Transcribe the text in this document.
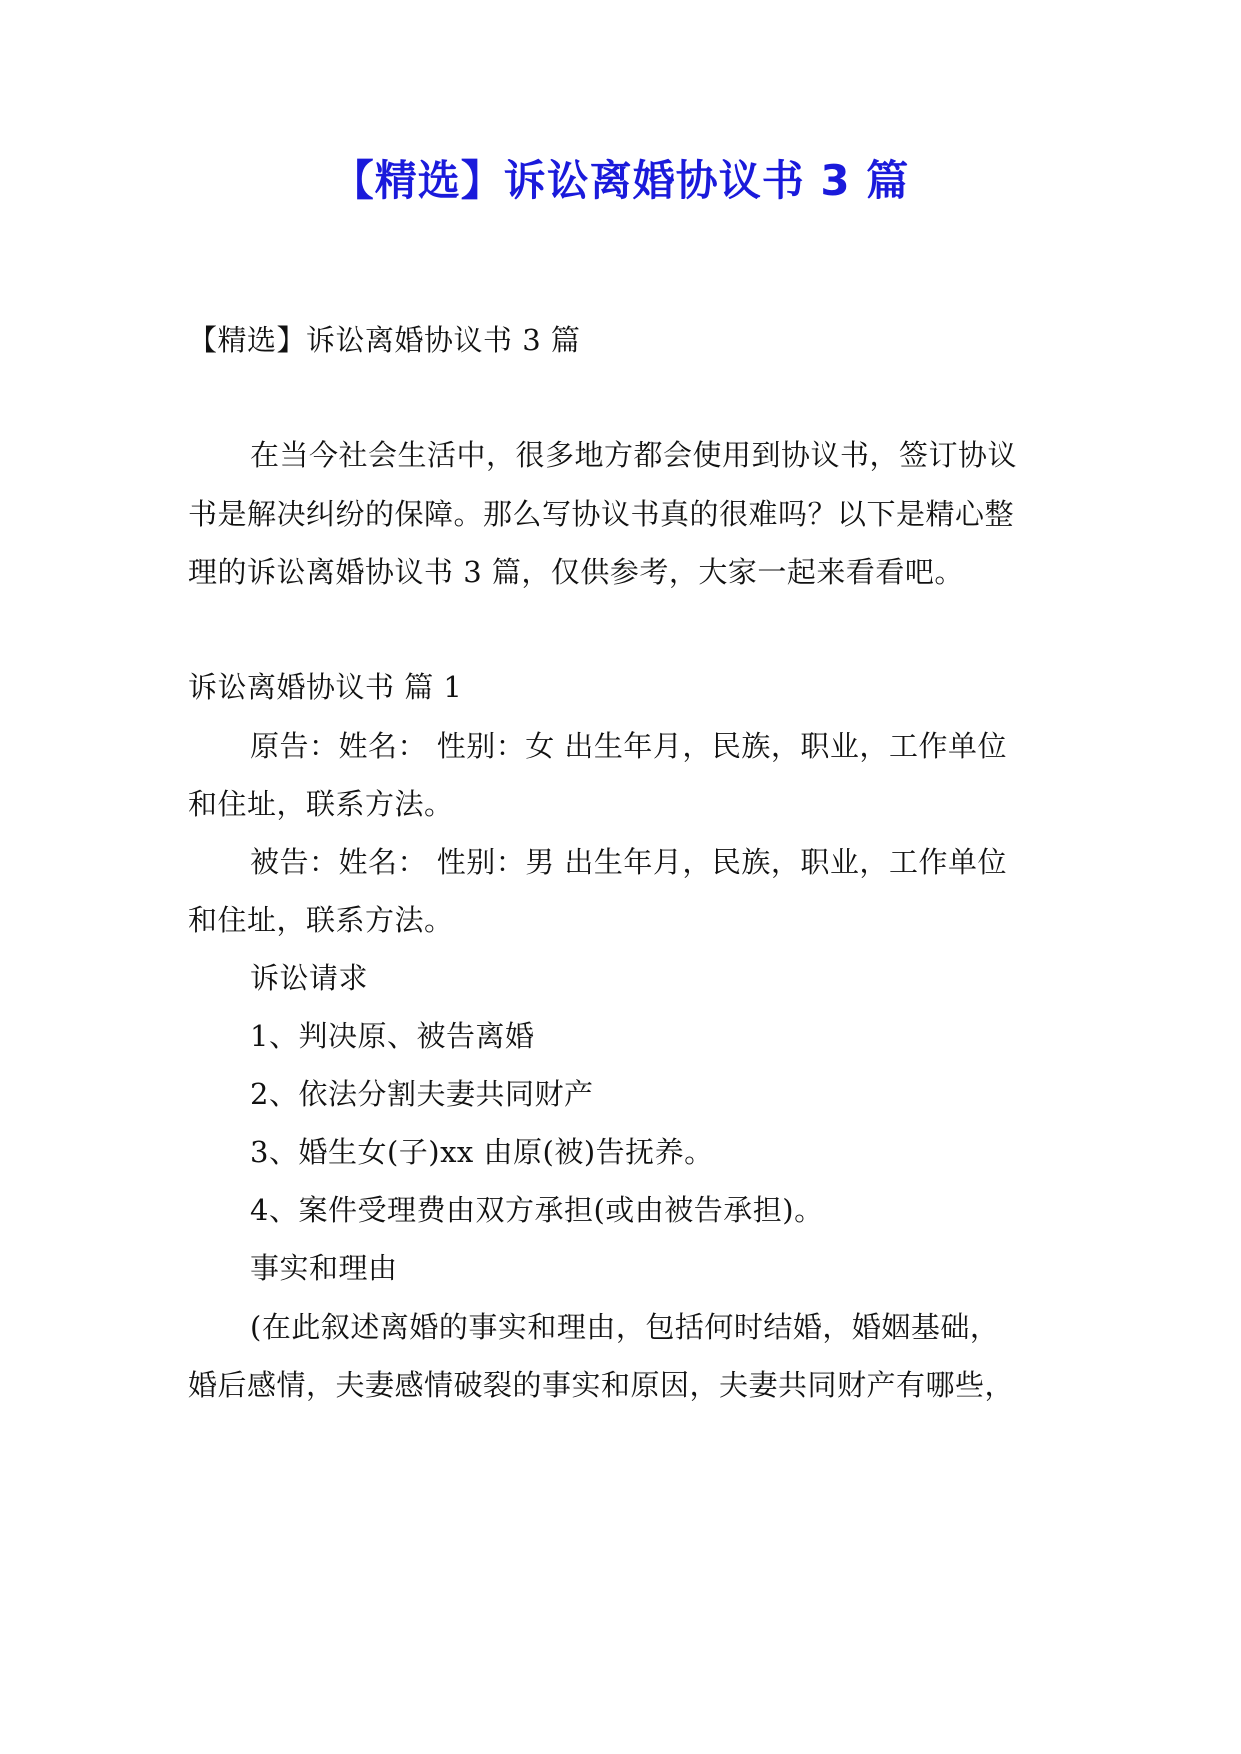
【精选】诉讼离婚协议书 3 篇
【精选】诉讼离婚协议书 3 篇
在当今社会生活中，很多地方都会使用到协议书，签订协议
书是解决纠纷的保障。那么写协议书真的很难吗？以下是精心整
理的诉讼离婚协议书 3 篇，仅供参考，大家一起来看看吧。
诉讼离婚协议书 篇 1
原告：姓名： 性别：女 出生年月，民族，职业，工作单位
和住址，联系方法。
被告：姓名： 性别：男 出生年月，民族，职业，工作单位
和住址，联系方法。
诉讼请求
1、判决原、被告离婚
2、依法分割夫妻共同财产
3、婚生女(子)xx 由原(被)告抚养。
4、案件受理费由双方承担(或由被告承担)。
事实和理由
(在此叙述离婚的事实和理由，包括何时结婚，婚姻基础，
婚后感情，夫妻感情破裂的事实和原因，夫妻共同财产有哪些，
